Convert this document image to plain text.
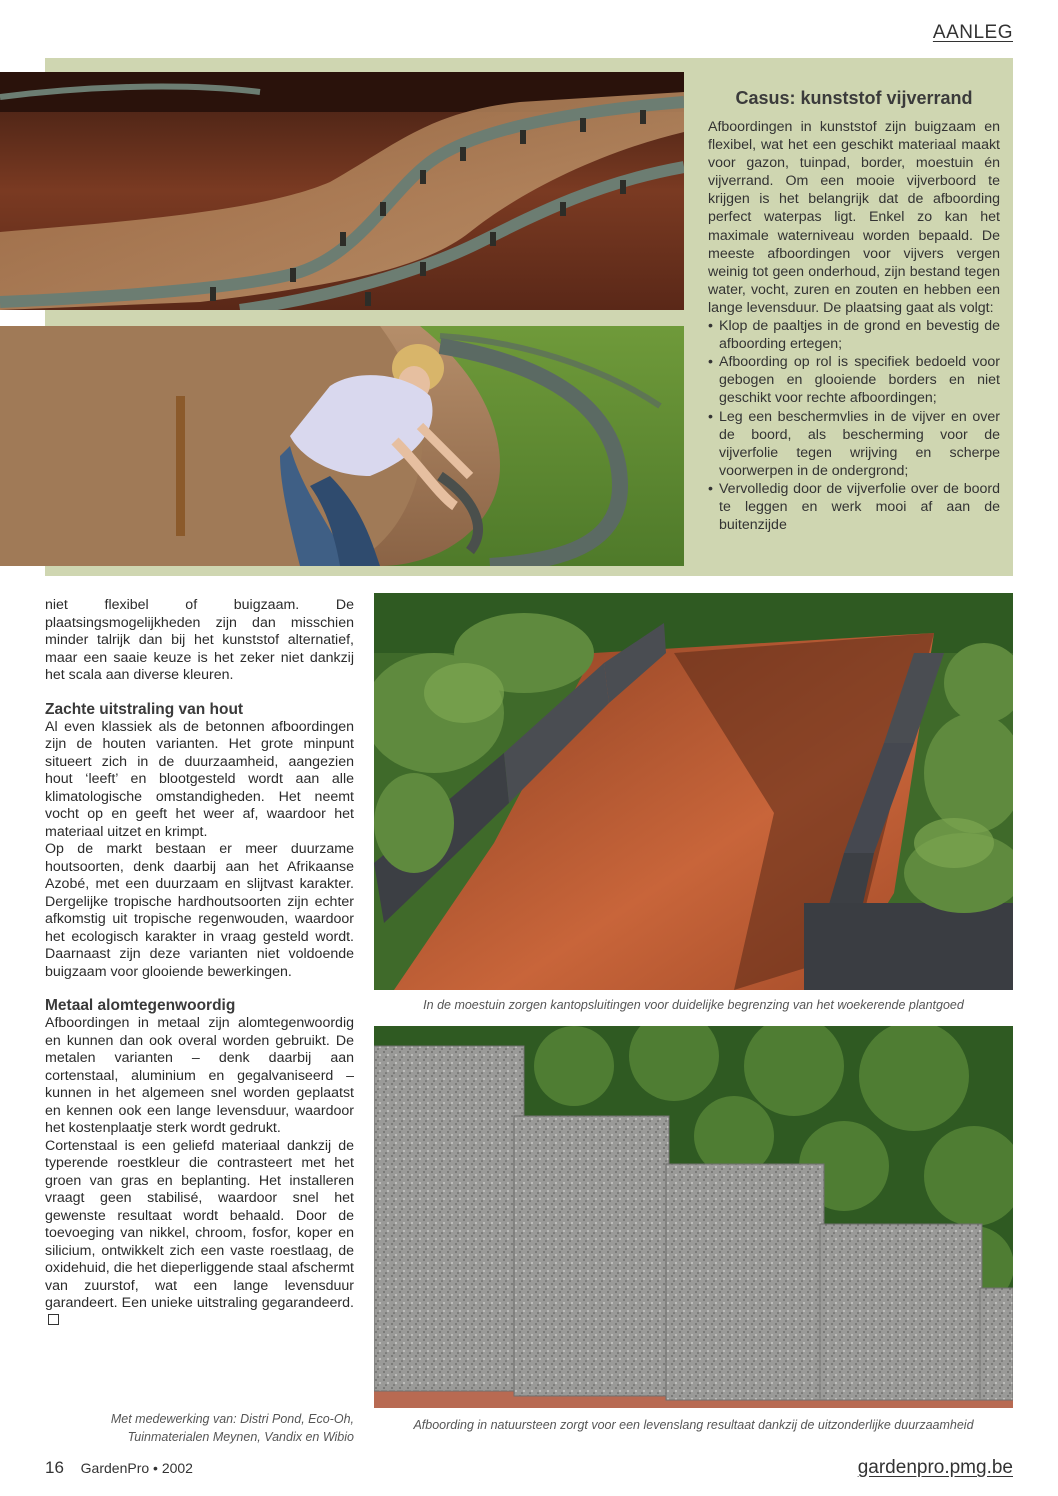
AANLEG
Casus: kunststof vijverrand
Afboordingen in kunststof zijn buigzaam en flexibel, wat het een geschikt materiaal maakt voor gazon, tuinpad, border, moestuin én vijverrand. Om een mooie vijverboord te krijgen is het belangrijk dat de afboording perfect waterpas ligt. Enkel zo kan het maximale waterniveau worden bepaald. De meeste afboordingen voor vijvers vergen weinig tot geen onderhoud, zijn bestand tegen water, vocht, zuren en zouten en hebben een lange levensduur. De plaatsing gaat als volgt:
• Klop de paaltjes in de grond en bevestig de afboording ertegen;
• Afboording op rol is specifiek bedoeld voor gebogen en glooiende borders en niet geschikt voor rechte afboordingen;
• Leg een beschermvlies in de vijver en over de boord, als bescherming voor de vijverfolie tegen wrijving en scherpe voorwerpen in de ondergrond;
• Vervolledig door de vijverfolie over de boord te leggen en werk mooi af aan de buitenzijde

niet flexibel of buigzaam. De plaatsingsmogelijkheden zijn dan misschien minder talrijk dan bij het kunststof alternatief, maar een saaie keuze is het zeker niet dankzij het scala aan diverse kleuren.

Zachte uitstraling van hout

Al even klassiek als de betonnen afboordingen zijn de houten varianten. Het grote minpunt situeert zich in de duurzaamheid, aangezien hout ‘leeft’ en blootgesteld wordt aan alle klimatologische omstandigheden. Het neemt vocht op en geeft het weer af, waardoor het materiaal uitzet en krimpt.

Op de markt bestaan er meer duurzame houtsoorten, denk daarbij aan het Afrikaanse Azobé, met een duurzaam en slijtvast karakter. Dergelijke tropische hardhoutsoorten zijn echter afkomstig uit tropische regenwouden, waardoor het ecologisch karakter in vraag gesteld wordt. Daarnaast zijn deze varianten niet voldoende buigzaam voor glooiende bewerkingen.

Metaal alomtegenwoordig

Afboordingen in metaal zijn alomtegenwoordig en kunnen dan ook overal worden gebruikt. De metalen varianten – denk daarbij aan cortenstaal, aluminium en gegalvaniseerd – kunnen in het algemeen snel worden geplaatst en kennen ook een lange levensduur, waardoor het kostenplaatje sterk wordt gedrukt.

Cortenstaal is een geliefd materiaal dankzij de typerende roestkleur die contrasteert met het groen van gras en beplanting. Het installeren vraagt geen stabilisé, waardoor snel het gewenste resultaat wordt behaald. Door de toevoeging van nikkel, chroom, fosfor, koper en silicium, ontwikkelt zich een vaste roestlaag, de oxidehuid, die het dieperliggende staal afschermt van zuurstof, wat een lange levensduur garandeert. Een unieke uitstraling gegarandeerd.

Met medewerking van: Distri Pond, Eco-Oh,
Tuinmaterialen Meynen, Vandix en Wibio
In de moestuin zorgen kantopsluitingen voor duidelijke begrenzing van het woekerende plantgoed
Afboording in natuursteen zorgt voor een levenslang resultaat dankzij de uitzonderlijke duurzaamheid
16 GardenPro • 2002	gardenpro.pmg.be
